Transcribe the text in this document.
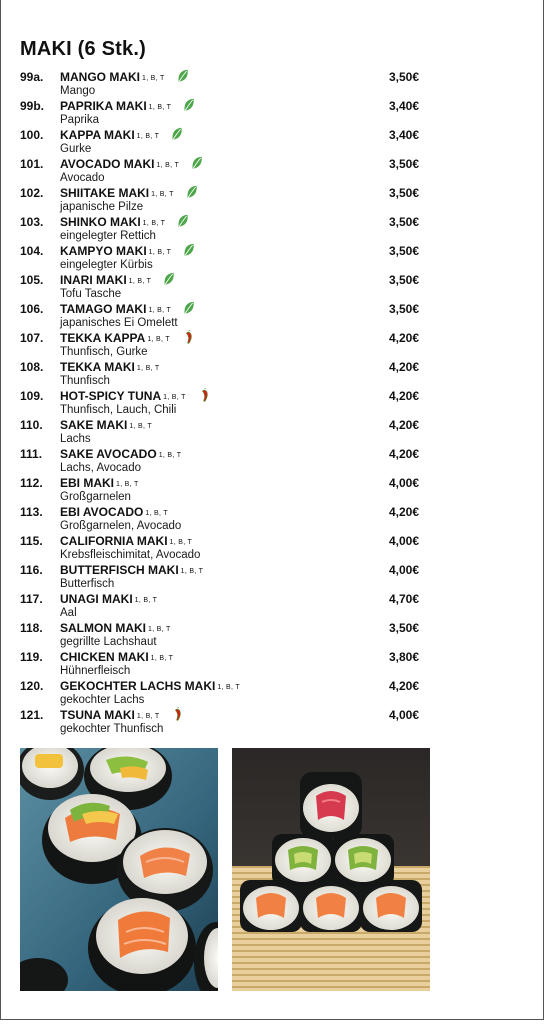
MAKI (6 Stk.)
99a. MANGO MAKI 1, B, T
Mango
3,50€
99b. PAPRIKA MAKI 1, B, T
Paprika
3,40€
100. KAPPA MAKI 1, B, T
Gurke
3,40€
101. AVOCADO MAKI 1, B, T
Avocado
3,50€
102. SHIITAKE MAKI 1, B, T
japanische Pilze
3,50€
103. SHINKO MAKI 1, B, T
eingelegter Rettich
3,50€
104. KAMPYO MAKI 1, B, T
eingelegter Kürbis
3,50€
105. INARI MAKI 1, B, T
Tofu Tasche
3,50€
106. TAMAGO MAKI 1, B, T
japanisches Ei Omelett
3,50€
107. TEKKA KAPPA 1, B, T
Thunfisch, Gurke
4,20€
108. TEKKA MAKI 1, B, T
Thunfisch
4,20€
109. HOT-SPICY TUNA 1, B, T
Thunfisch, Lauch, Chili
4,20€
110. SAKE MAKI 1, B, T
Lachs
4,20€
111. SAKE AVOCADO 1, B, T
Lachs, Avocado
4,20€
112. EBI MAKI 1, B, T
Großgarnelen
4,00€
113. EBI AVOCADO 1, B, T
Großgarnelen, Avocado
4,20€
115. CALIFORNIA MAKI 1, B, T
Krebsfleischimitat, Avocado
4,00€
116. BUTTERFISCH MAKI 1, B, T
Butterfisch
4,00€
117. UNAGI MAKI 1, B, T
Aal
4,70€
118. SALMON MAKI 1, B, T
gegrillte Lachshaut
3,50€
119. CHICKEN MAKI 1, B, T
Hühnerfleisch
3,80€
120. GEKOCHTER LACHS MAKI 1, B, T
gekochter Lachs
4,20€
121. TSUNA MAKI 1, B, T
gekochter Thunfisch
4,00€
